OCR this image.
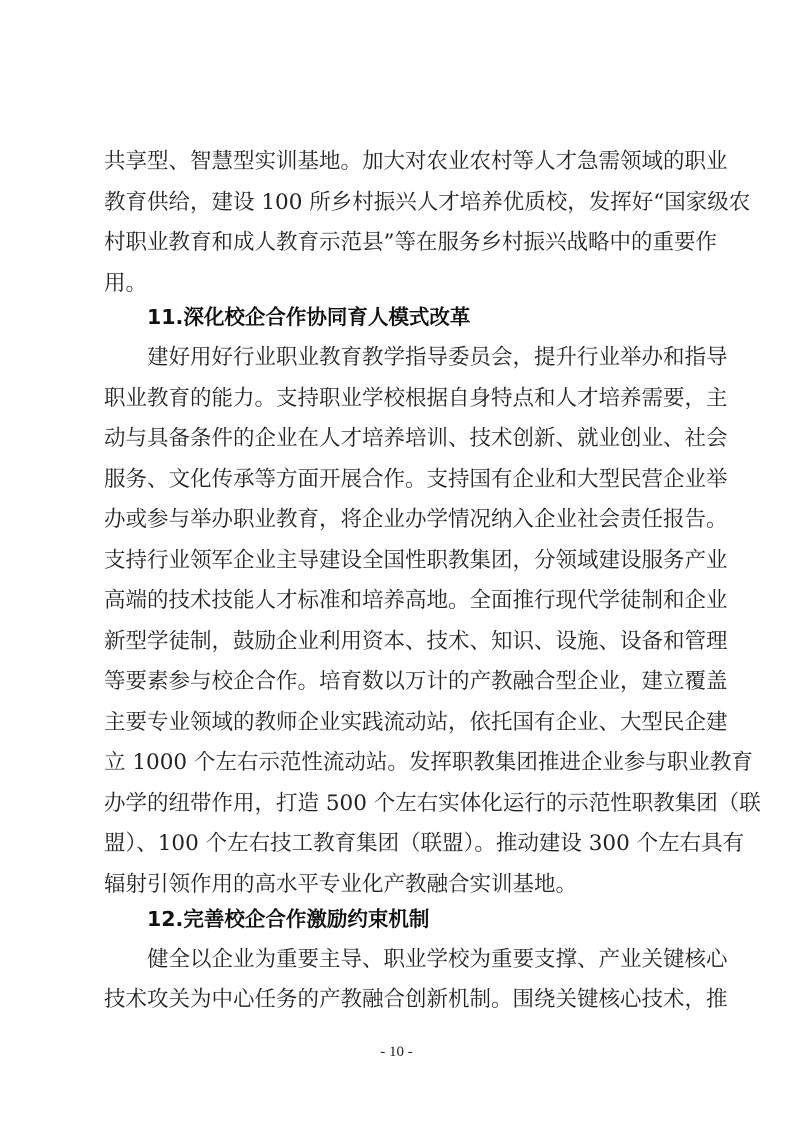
共享型、智慧型实训基地。加大对农业农村等人才急需领域的职业
教育供给，建设 100 所乡村振兴人才培养优质校，发挥好“国家级农
村职业教育和成人教育示范县”等在服务乡村振兴战略中的重要作
用。
11.深化校企合作协同育人模式改革
建好用好行业职业教育教学指导委员会，提升行业举办和指导
职业教育的能力。支持职业学校根据自身特点和人才培养需要，主
动与具备条件的企业在人才培养培训、技术创新、就业创业、社会
服务、文化传承等方面开展合作。支持国有企业和大型民营企业举
办或参与举办职业教育，将企业办学情况纳入企业社会责任报告。
支持行业领军企业主导建设全国性职教集团，分领域建设服务产业
高端的技术技能人才标准和培养高地。全面推行现代学徒制和企业
新型学徒制，鼓励企业利用资本、技术、知识、设施、设备和管理
等要素参与校企合作。培育数以万计的产教融合型企业，建立覆盖
主要专业领域的教师企业实践流动站，依托国有企业、大型民企建
立 1000 个左右示范性流动站。发挥职教集团推进企业参与职业教育
办学的纽带作用，打造 500 个左右实体化运行的示范性职教集团（联
盟）、100 个左右技工教育集团（联盟）。推动建设 300 个左右具有
辐射引领作用的高水平专业化产教融合实训基地。
12.完善校企合作激励约束机制
健全以企业为重要主导、职业学校为重要支撑、产业关键核心
技术攻关为中心任务的产教融合创新机制。围绕关键核心技术，推
- 10 -
